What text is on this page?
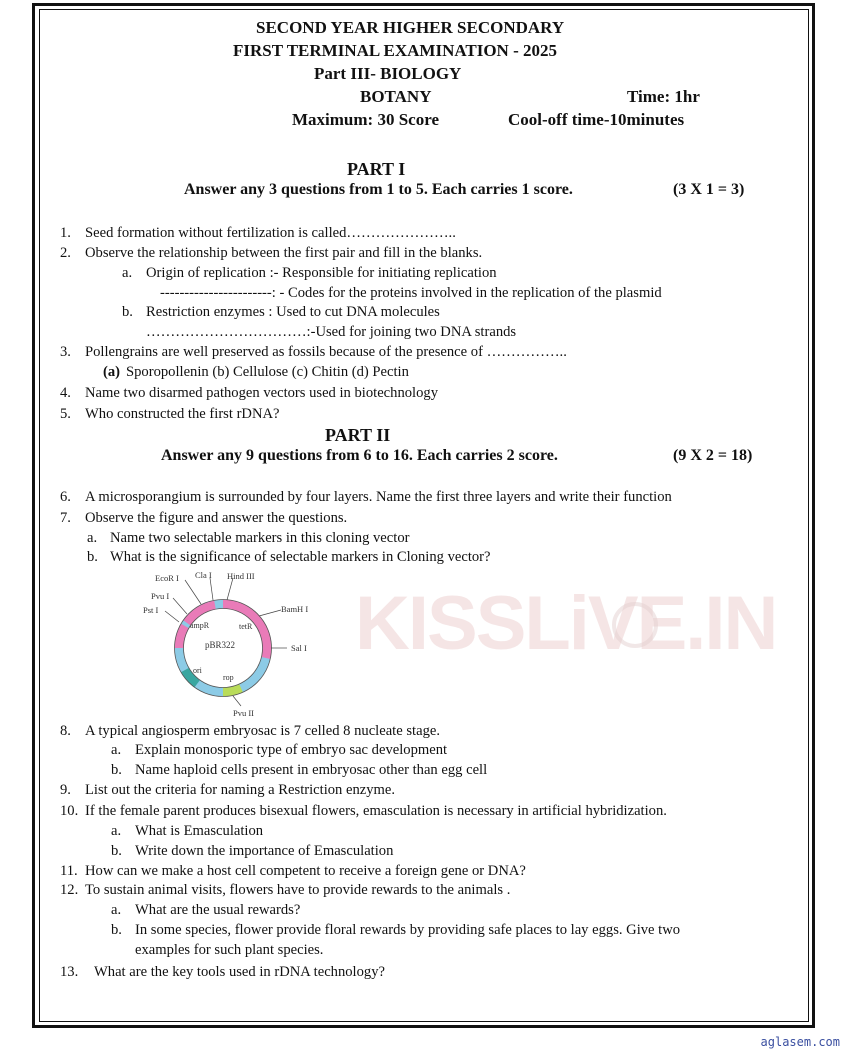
KISSLiVE.IN
SECOND YEAR HIGHER SECONDARY
FIRST TERMINAL EXAMINATION - 2025
Part III- BIOLOGY
BOTANY	Time: 1hr
Maximum: 30 Score	Cool-off time-10minutes
PART I
Answer any 3 questions from 1 to 5. Each carries 1 score.	(3 X 1 = 3)
1. Seed formation without fertilization is called…………………..
2. Observe the relationship between the first pair and fill in the blanks.
a. Origin of replication :- Responsible for initiating replication
-----------------------: - Codes for the proteins involved in the replication of the plasmid
b. Restriction enzymes : Used to cut DNA molecules
……………………………:-Used for joining two DNA strands
3. Pollengrains are well preserved as fossils because of the presence of ……………..
(a) Sporopollenin (b) Cellulose (c) Chitin (d) Pectin
4. Name two disarmed pathogen vectors used in biotechnology
5. Who constructed the first rDNA?
PART II
Answer any 9 questions from 6 to 16. Each carries 2 score.	(9 X 2 = 18)
6. A microsporangium is surrounded by four layers. Name the first three layers and write their function
7. Observe the figure and answer the questions.
a. Name two selectable markers in this cloning vector
b. What is the significance of selectable markers in Cloning vector?
EcoR I Cla I Hind III
Pvu I
Pst I	BamH I
Sal I
ampR	tetR
pBR322
ori
rop
Pvu II
8. A typical angiosperm embryosac is 7 celled 8 nucleate stage.
a. Explain monosporic type of embryo sac development
b. Name haploid cells present in embryosac other than egg cell
9. List out the criteria for naming a Restriction enzyme.
10. If the female parent produces bisexual flowers, emasculation is necessary in artificial hybridization.
a. What is Emasculation
b. Write down the importance of Emasculation
11. How can we make a host cell competent to receive a foreign gene or DNA?
12. To sustain animal visits, flowers have to provide rewards to the animals .
a. What are the usual rewards?
b. In some species, flower provide floral rewards by providing safe places to lay eggs. Give two
examples for such plant species.
13. What are the key tools used in rDNA technology?
aglasem.com
